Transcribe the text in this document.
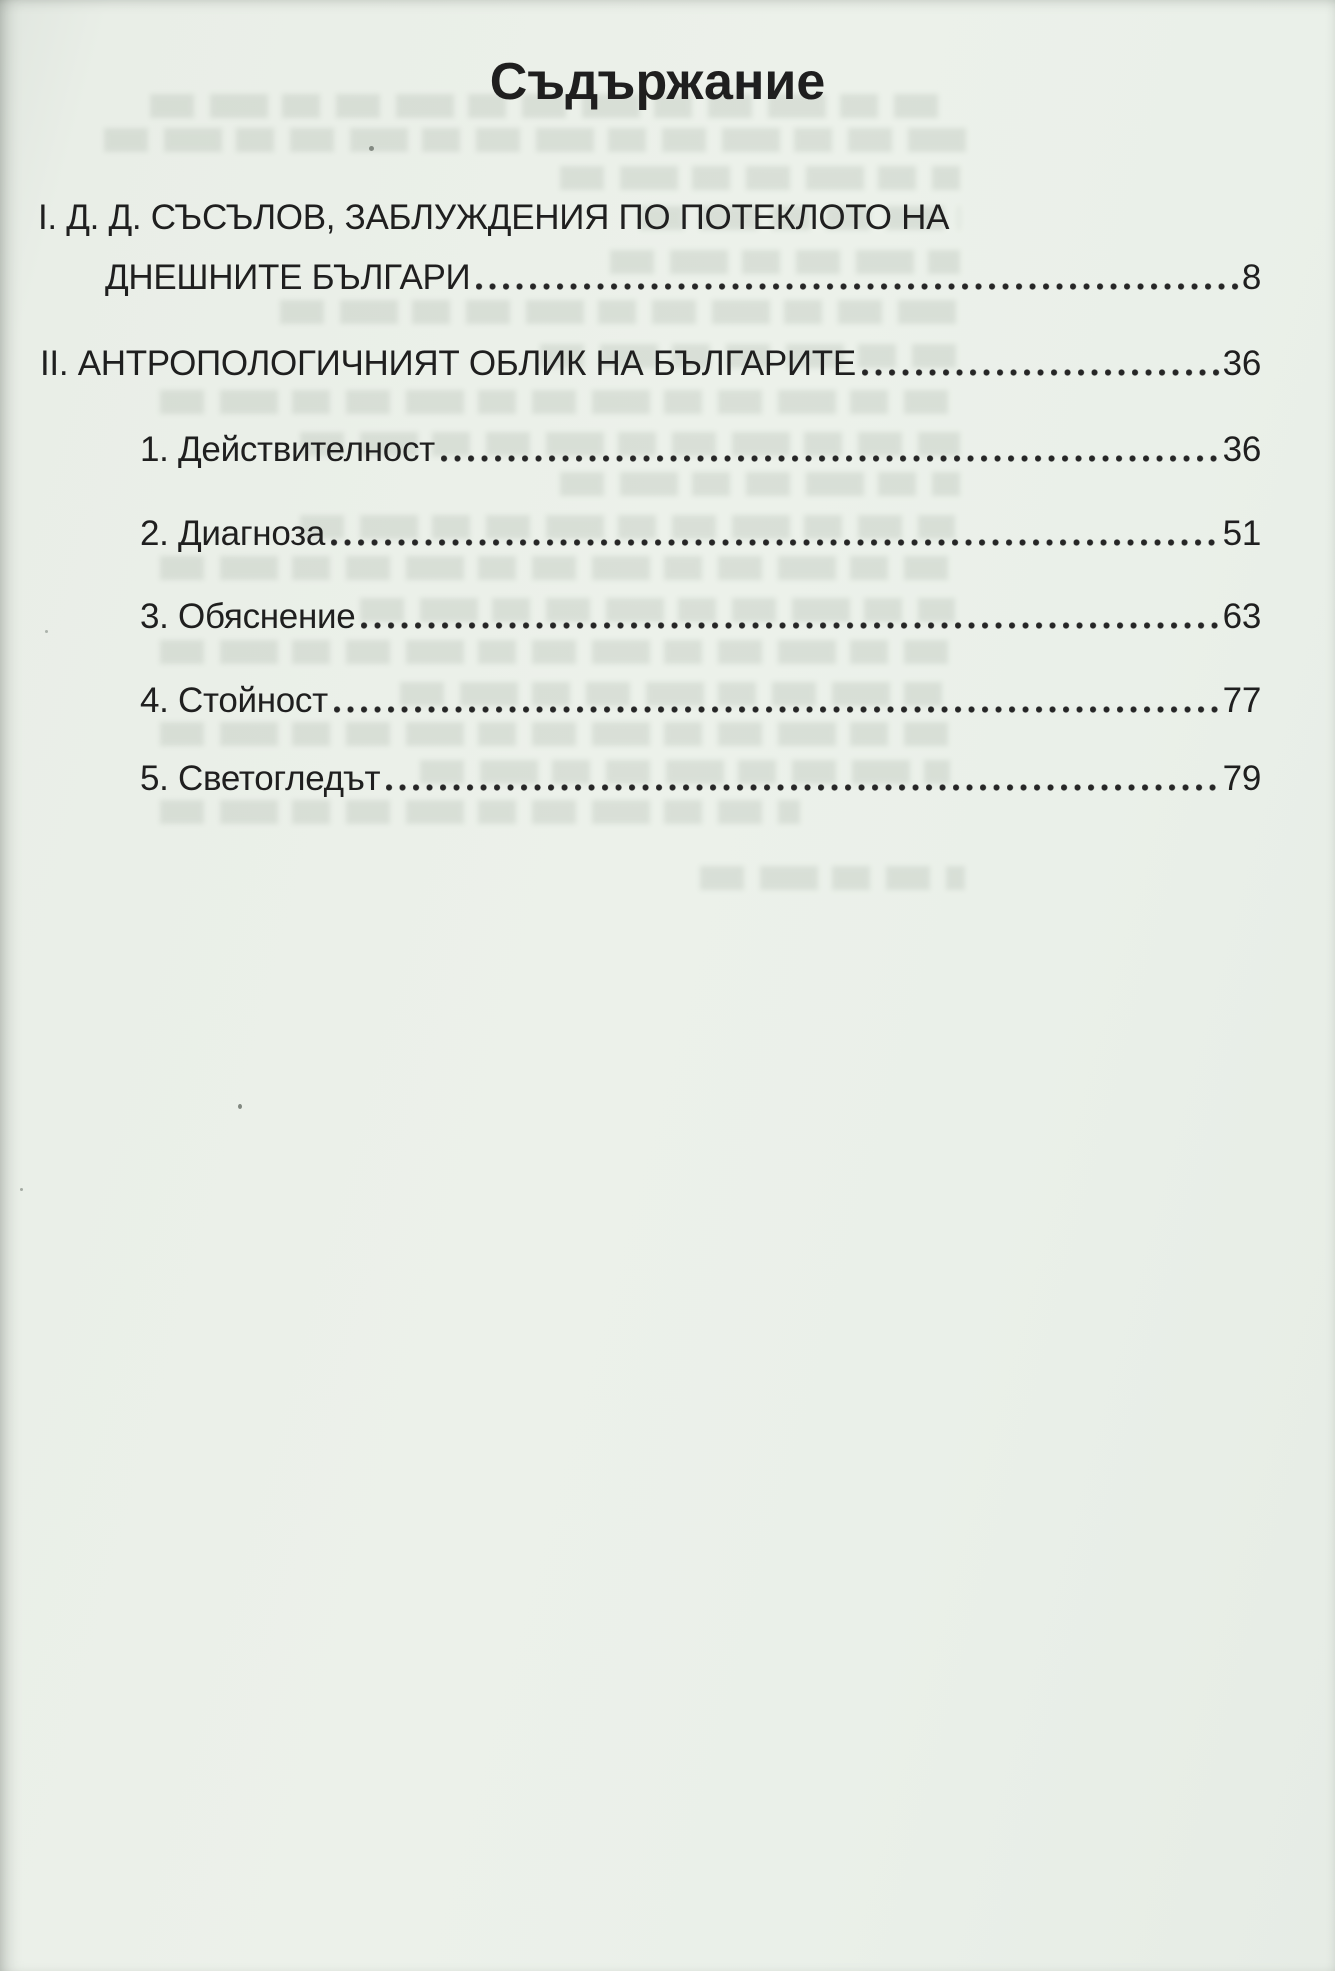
Съдържание
I. Д. Д. СЪСЪЛОВ, ЗАБЛУЖДЕНИЯ ПО ПОТЕКЛОТО НА
ДНЕШНИТЕ БЪЛГАРИ	8
II. АНТРОПОЛОГИЧНИЯТ ОБЛИК НА БЪЛГАРИТЕ	36
1. Действителност	36
2. Диагноза	51
3. Обяснение	63
4. Стойност	77
5. Светогледът	79
